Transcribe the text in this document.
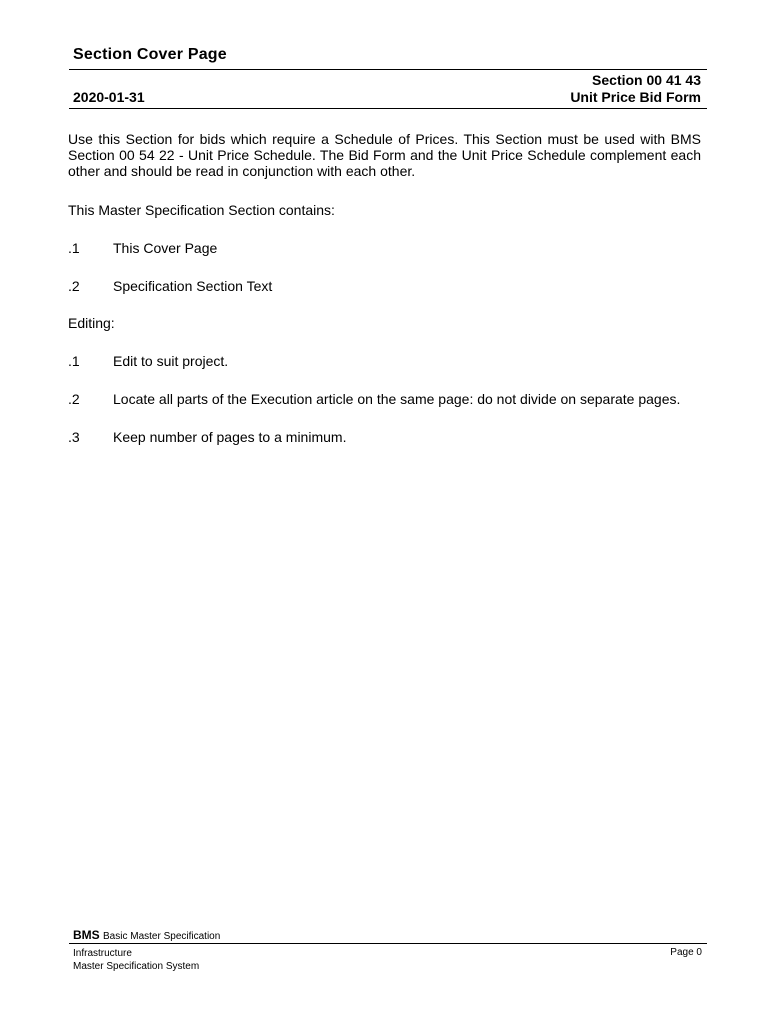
Section Cover Page
Section 00 41 43
Unit Price Bid Form
2020-01-31
Use this Section for bids which require a Schedule of Prices. This Section must be used with BMS Section 00 54 22 - Unit Price Schedule. The Bid Form and the Unit Price Schedule complement each other and should be read in conjunction with each other.
This Master Specification Section contains:
.1 This Cover Page
.2 Specification Section Text
Editing:
.1 Edit to suit project.
.2 Locate all parts of the Execution article on the same page: do not divide on separate pages.
.3 Keep number of pages to a minimum.
BMS Basic Master Specification
Infrastructure
Master Specification System
Page 0
